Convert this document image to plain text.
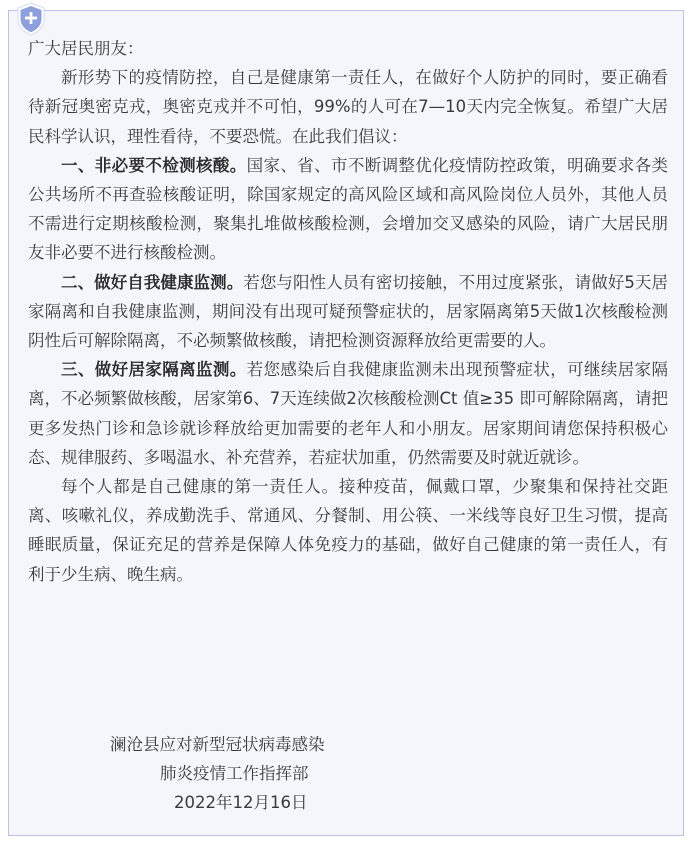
广大居民朋友：

新形势下的疫情防控，自己是健康第一责任人，在做好个人防护的同时，要正确看待新冠奥密克戎，奥密克戎并不可怕，99%的人可在7—10天内完全恢复。希望广大居民科学认识，理性看待，不要恐慌。在此我们倡议：

一、非必要不检测核酸。国家、省、市不断调整优化疫情防控政策，明确要求各类公共场所不再查验核酸证明，除国家规定的高风险区域和高风险岗位人员外，其他人员不需进行定期核酸检测，聚集扎堆做核酸检测，会增加交叉感染的风险，请广大居民朋友非必要不进行核酸检测。

二、做好自我健康监测。若您与阳性人员有密切接触，不用过度紧张，请做好5天居家隔离和自我健康监测，期间没有出现可疑预警症状的，居家隔离第5天做1次核酸检测阴性后可解除隔离，不必频繁做核酸，请把检测资源释放给更需要的人。

三、做好居家隔离监测。若您感染后自我健康监测未出现预警症状，可继续居家隔离，不必频繁做核酸，居家第6、7天连续做2次核酸检测Ct 值≥35 即可解除隔离，请把更多发热门诊和急诊就诊释放给更加需要的老年人和小朋友。居家期间请您保持积极心态、规律服药、多喝温水、补充营养，若症状加重，仍然需要及时就近就诊。

每个人都是自己健康的第一责任人。接种疫苗，佩戴口罩，少聚集和保持社交距离、咳嗽礼仪，养成勤洗手、常通风、分餐制、用公筷、一米线等良好卫生习惯，提高睡眠质量，保证充足的营养是保障人体免疫力的基础，做好自己健康的第一责任人，有利于少生病、晚生病。

澜沧县应对新型冠状病毒感染
肺炎疫情工作指挥部
2022年12月16日
